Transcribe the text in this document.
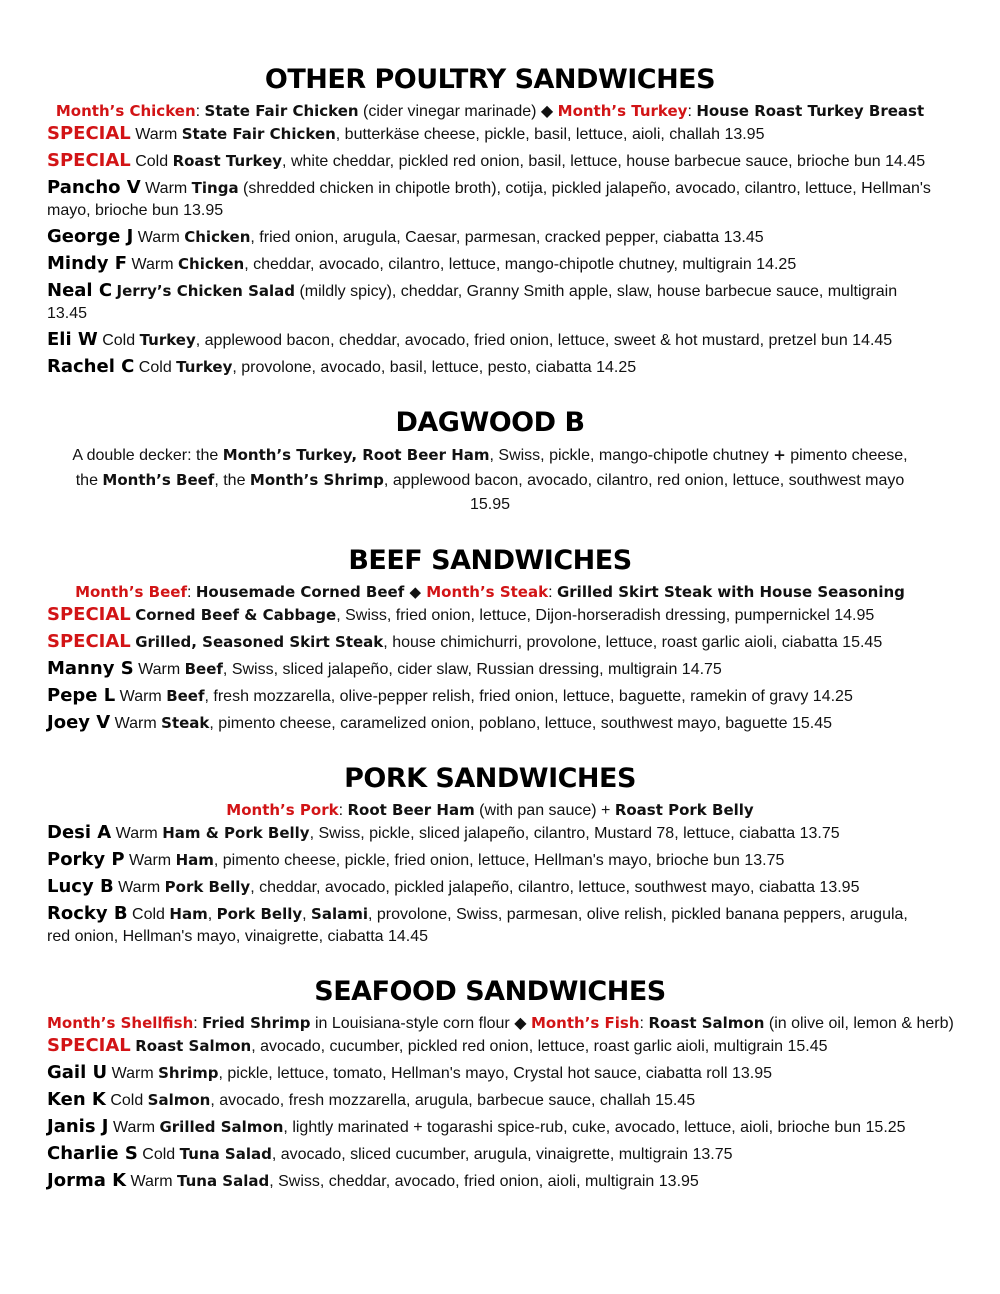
OTHER POULTRY SANDWICHES
Month’s Chicken: State Fair Chicken (cider vinegar marinade) ◆ Month’s Turkey: House Roast Turkey Breast
SPECIAL Warm State Fair Chicken, butterkäse cheese, pickle, basil, lettuce, aioli, challah 13.95
SPECIAL Cold Roast Turkey, white cheddar, pickled red onion, basil, lettuce, house barbecue sauce, brioche bun 14.45
Pancho V Warm Tinga (shredded chicken in chipotle broth), cotija, pickled jalapeño, avocado, cilantro, lettuce, Hellman's mayo, brioche bun 13.95
George J Warm Chicken, fried onion, arugula, Caesar, parmesan, cracked pepper, ciabatta 13.45
Mindy F Warm Chicken, cheddar, avocado, cilantro, lettuce, mango-chipotle chutney, multigrain 14.25
Neal C Jerry’s Chicken Salad (mildly spicy), cheddar, Granny Smith apple, slaw, house barbecue sauce, multigrain 13.45
Eli W Cold Turkey, applewood bacon, cheddar, avocado, fried onion, lettuce, sweet & hot mustard, pretzel bun 14.45
Rachel C Cold Turkey, provolone, avocado, basil, lettuce, pesto, ciabatta 14.25
DAGWOOD B
A double decker: the Month’s Turkey, Root Beer Ham, Swiss, pickle, mango-chipotle chutney + pimento cheese, the Month’s Beef, the Month’s Shrimp, applewood bacon, avocado, cilantro, red onion, lettuce, southwest mayo 15.95
BEEF SANDWICHES
Month’s Beef: Housemade Corned Beef ◆ Month’s Steak: Grilled Skirt Steak with House Seasoning
SPECIAL Corned Beef & Cabbage, Swiss, fried onion, lettuce, Dijon-horseradish dressing, pumpernickel 14.95
SPECIAL Grilled, Seasoned Skirt Steak, house chimichurri, provolone, lettuce, roast garlic aioli, ciabatta 15.45
Manny S Warm Beef, Swiss, sliced jalapeño, cider slaw, Russian dressing, multigrain 14.75
Pepe L Warm Beef, fresh mozzarella, olive-pepper relish, fried onion, lettuce, baguette, ramekin of gravy 14.25
Joey V Warm Steak, pimento cheese, caramelized onion, poblano, lettuce, southwest mayo, baguette 15.45
PORK SANDWICHES
Month’s Pork: Root Beer Ham (with pan sauce) + Roast Pork Belly
Desi A Warm Ham & Pork Belly, Swiss, pickle, sliced jalapeño, cilantro, Mustard 78, lettuce, ciabatta 13.75
Porky P Warm Ham, pimento cheese, pickle, fried onion, lettuce, Hellman's mayo, brioche bun 13.75
Lucy B Warm Pork Belly, cheddar, avocado, pickled jalapeño, cilantro, lettuce, southwest mayo, ciabatta 13.95
Rocky B Cold Ham, Pork Belly, Salami, provolone, Swiss, parmesan, olive relish, pickled banana peppers, arugula, red onion, Hellman's mayo, vinaigrette, ciabatta 14.45
SEAFOOD SANDWICHES
Month’s Shellfish: Fried Shrimp in Louisiana-style corn flour ◆ Month’s Fish: Roast Salmon (in olive oil, lemon & herb)
SPECIAL Roast Salmon, avocado, cucumber, pickled red onion, lettuce, roast garlic aioli, multigrain 15.45
Gail U Warm Shrimp, pickle, lettuce, tomato, Hellman's mayo, Crystal hot sauce, ciabatta roll 13.95
Ken K Cold Salmon, avocado, fresh mozzarella, arugula, barbecue sauce, challah 15.45
Janis J Warm Grilled Salmon, lightly marinated + togarashi spice-rub, cuke, avocado, lettuce, aioli, brioche bun 15.25
Charlie S Cold Tuna Salad, avocado, sliced cucumber, arugula, vinaigrette, multigrain 13.75
Jorma K Warm Tuna Salad, Swiss, cheddar, avocado, fried onion, aioli, multigrain 13.95
